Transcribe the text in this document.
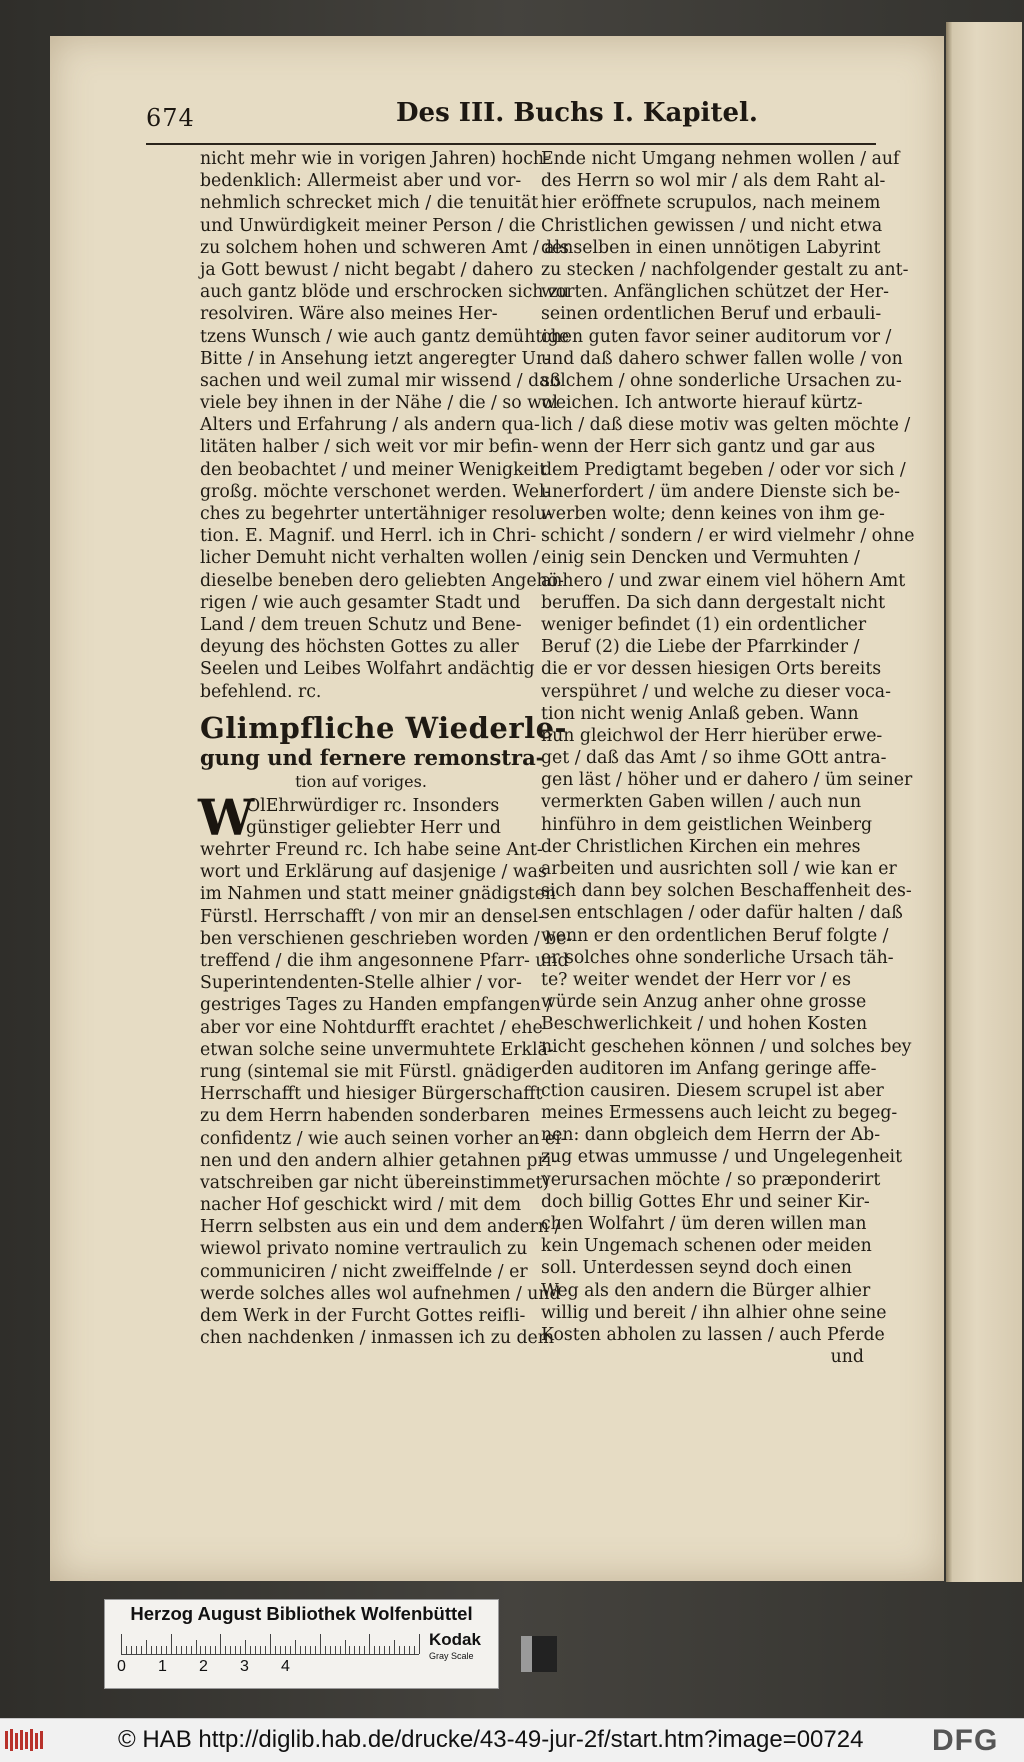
674	Des III. Buchs I. Kapitel.
nicht mehr wie in vorigen Jahren) hoch-
bedenklich: Allermeist aber und vor-
nehmlich schrecket mich / die tenuität
und Unwürdigkeit meiner Person / die
zu solchem hohen und schweren Amt / als
ja Gott bewust / nicht begabt / dahero
auch gantz blöde und erschrocken sich zu
resolviren. Wäre also meines Her-
tzens Wunsch / wie auch gantz demühtige
Bitte / in Ansehung ietzt angeregter Ur-
sachen und weil zumal mir wissend / daß
viele bey ihnen in der Nähe / die / so wol
Alters und Erfahrung / als andern qua-
litäten halber / sich weit vor mir befin-
den beobachtet / und meiner Wenigkeit
großg. möchte verschonet werden. Wel-
ches zu begehrter untertähniger resolu-
tion. E. Magnif. und Herrl. ich in Chri-
licher Demuht nicht verhalten wollen /
dieselbe beneben dero geliebten Angehö-
rigen / wie auch gesamter Stadt und
Land / dem treuen Schutz und Bene-
deyung des höchsten Gottes zu aller
Seelen und Leibes Wolfahrt andächtig
befehlend. rc.
Glimpfliche Wiederle-
gung und fernere remonstra-
tion auf voriges.
W
OlEhrwürdiger rc. Insonders
günstiger geliebter Herr und
wehrter Freund rc. Ich habe seine Ant-
wort und Erklärung auf dasjenige / was
im Nahmen und statt meiner gnädigsten
Fürstl. Herrschafft / von mir an densel-
ben verschienen geschrieben worden / be-
treffend / die ihm angesonnene Pfarr- und
Superintendenten-Stelle alhier / vor-
gestriges Tages zu Handen empfangen /
aber vor eine Nohtdurfft erachtet / ehe
etwan solche seine unvermuhtete Erklä-
rung (sintemal sie mit Fürstl. gnädiger
Herrschafft und hiesiger Bürgerschafft
zu dem Herrn habenden sonderbaren
confidentz / wie auch seinen vorher an ei-
nen und den andern alhier getahnen pri-
vatschreiben gar nicht übereinstimmet)
nacher Hof geschickt wird / mit dem
Herrn selbsten aus ein und dem andern /
wiewol privato nomine vertraulich zu
communiciren / nicht zweiffelnde / er
werde solches alles wol aufnehmen / und
dem Werk in der Furcht Gottes reifli-
chen nachdenken / inmassen ich zu dem
Ende nicht Umgang nehmen wollen / auf
des Herrn so wol mir / als dem Raht al-
hier eröffnete scrupulos, nach meinem
Christlichen gewissen / und nicht etwa
denselben in einen unnötigen Labyrint
zu stecken / nachfolgender gestalt zu ant-
worten. Anfänglichen schützet der Her-
seinen ordentlichen Beruf und erbauli-
chen guten favor seiner auditorum vor /
und daß dahero schwer fallen wolle / von
solchem / ohne sonderliche Ursachen zu-
weichen. Ich antworte hierauf kürtz-
lich / daß diese motiv was gelten möchte /
wenn der Herr sich gantz und gar aus
dem Predigtamt begeben / oder vor sich /
unerfordert / üm andere Dienste sich be-
werben wolte; denn keines von ihm ge-
schicht / sondern / er wird vielmehr / ohne
einig sein Dencken und Vermuhten /
anhero / und zwar einem viel höhern Amt
beruffen. Da sich dann dergestalt nicht
weniger befindet (1) ein ordentlicher
Beruf (2) die Liebe der Pfarrkinder /
die er vor dessen hiesigen Orts bereits
verspühret / und welche zu dieser voca-
tion nicht wenig Anlaß geben. Wann
nun gleichwol der Herr hierüber erwe-
get / daß das Amt / so ihme GOtt antra-
gen läst / höher und er dahero / üm seiner
vermerkten Gaben willen / auch nun
hinführo in dem geistlichen Weinberg
der Christlichen Kirchen ein mehres
arbeiten und ausrichten soll / wie kan er
sich dann bey solchen Beschaffenheit des-
sen entschlagen / oder dafür halten / daß
wenn er den ordentlichen Beruf folgte /
er solches ohne sonderliche Ursach täh-
te? weiter wendet der Herr vor / es
würde sein Anzug anher ohne grosse
Beschwerlichkeit / und hohen Kosten
nicht geschehen können / und solches bey
den auditoren im Anfang geringe affe-
ction causiren. Diesem scrupel ist aber
meines Ermessens auch leicht zu begeg-
nen: dann obgleich dem Herrn der Ab-
zug etwas ummusse / und Ungelegenheit
verursachen möchte / so præponderirt
doch billig Gottes Ehr und seiner Kir-
chen Wolfahrt / üm deren willen man
kein Ungemach schenen oder meiden
soll. Unterdessen seynd doch einen
Weg als den andern die Bürger alhier
willig und bereit / ihn alhier ohne seine
Kosten abholen zu lassen / auch Pferde
und
Herzog August Bibliothek Wolfenbüttel
0 1 2 3 4
Kodak
Gray Scale
© HAB http://diglib.hab.de/drucke/43-49-jur-2f/start.htm?image=00724 DFG
